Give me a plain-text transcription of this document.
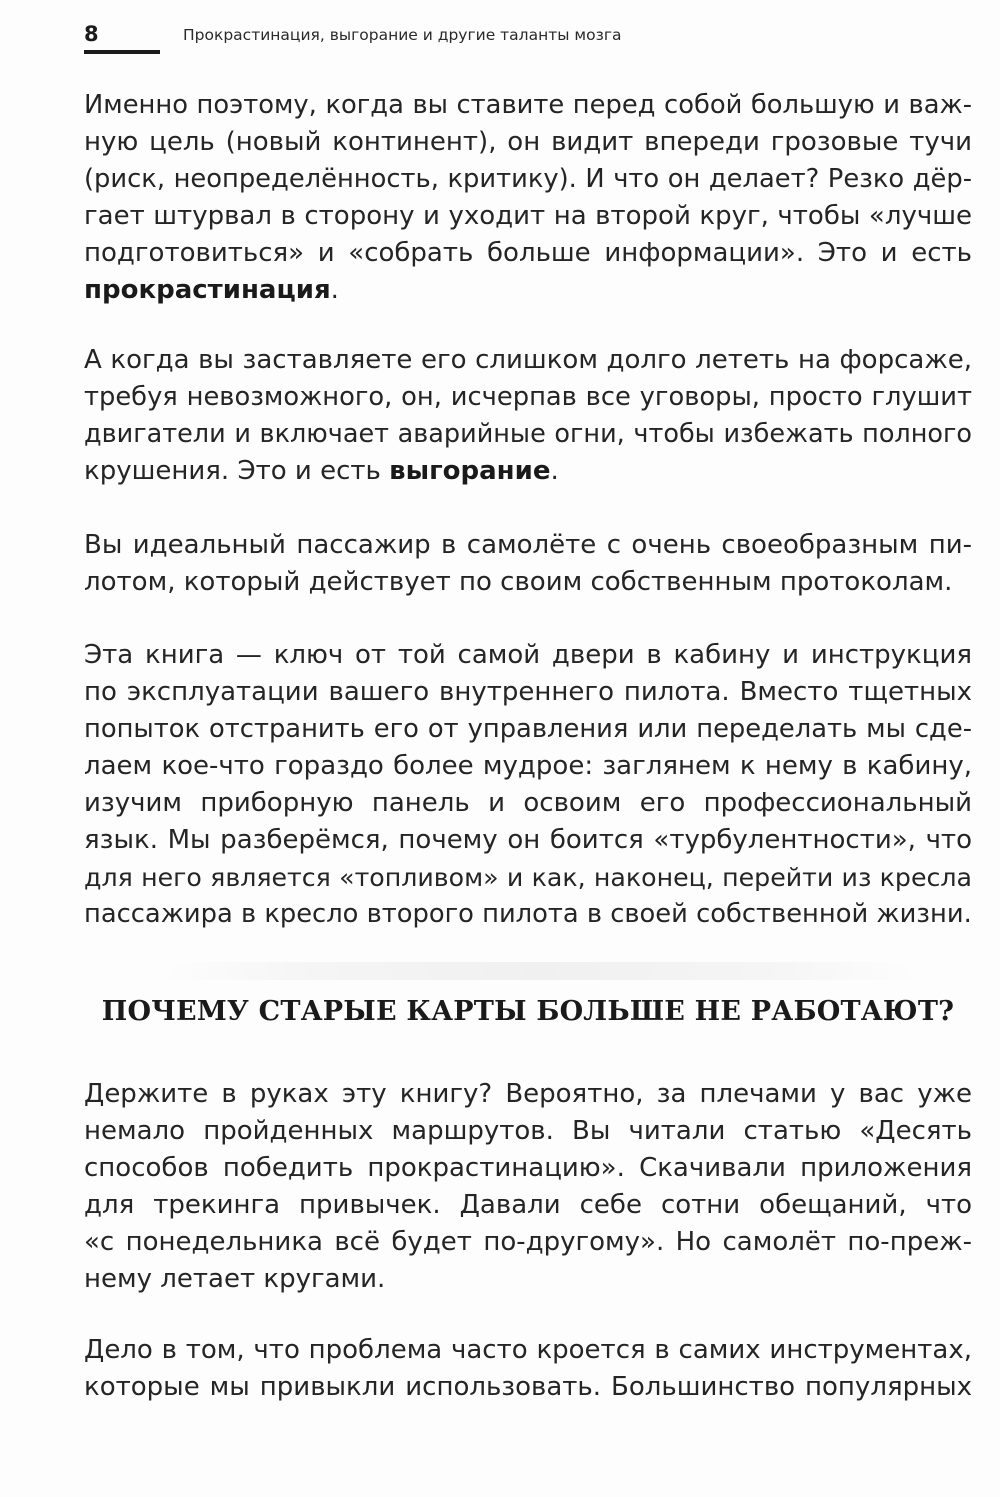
8	Прокрастинация, выгорание и другие таланты мозга
Именно поэтому, когда вы ставите перед собой большую и важ-
ную цель (новый континент), он видит впереди грозовые тучи
(риск, неопределённость, критику). И что он делает? Резко дёр-
гает штурвал в сторону и уходит на второй круг, чтобы «лучше
подготовиться» и «собрать больше информации». Это и есть
прокрастинация.
А когда вы заставляете его слишком долго лететь на форсаже,
требуя невозможного, он, исчерпав все уговоры, просто глушит
двигатели и включает аварийные огни, чтобы избежать полного
крушения. Это и есть выгорание.
Вы идеальный пассажир в самолёте с очень своеобразным пи-
лотом, который действует по своим собственным протоколам.
Эта книга — ключ от той самой двери в кабину и инструкция
по эксплуатации вашего внутреннего пилота. Вместо тщетных
попыток отстранить его от управления или переделать мы сде-
лаем кое-что гораздо более мудрое: заглянем к нему в кабину,
изучим приборную панель и освоим его профессиональный
язык. Мы разберёмся, почему он боится «турбулентности», что
для него является «топливом» и как, наконец, перейти из кресла
пассажира в кресло второго пилота в своей собственной жизни.
ПОЧЕМУ СТАРЫЕ КАРТЫ БОЛЬШЕ НЕ РАБОТАЮТ?
Держите в руках эту книгу? Вероятно, за плечами у вас уже
немало пройденных маршрутов. Вы читали статью «Десять
способов победить прокрастинацию». Скачивали приложения
для трекинга привычек. Давали себе сотни обещаний, что
«с понедельника всё будет по-другому». Но самолёт по-преж-
нему летает кругами.
Дело в том, что проблема часто кроется в самих инструментах,
которые мы привыкли использовать. Большинство популярных
